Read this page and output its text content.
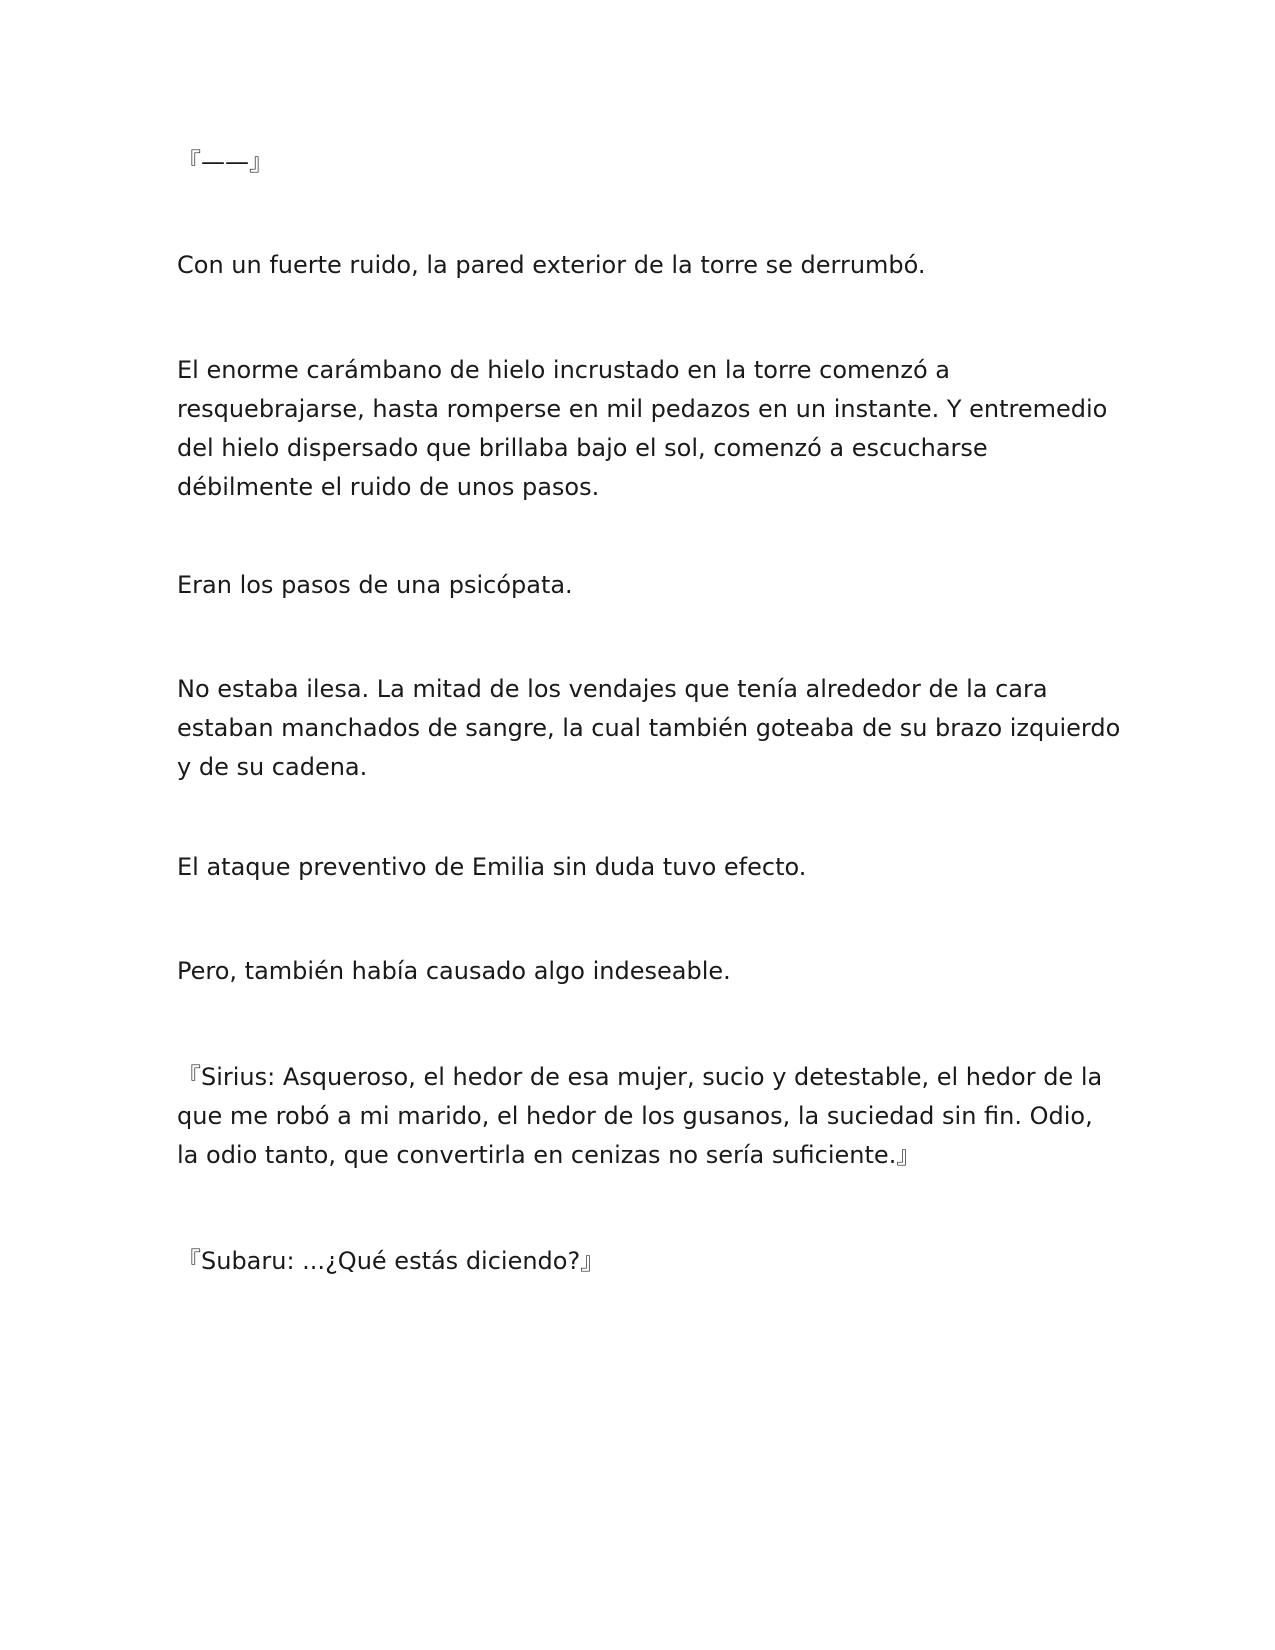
『——』

Con un fuerte ruido, la pared exterior de la torre se derrumbó.

El enorme carámbano de hielo incrustado en la torre comenzó a
resquebrajarse, hasta romperse en mil pedazos en un instante. Y entremedio
del hielo dispersado que brillaba bajo el sol, comenzó a escucharse
débilmente el ruido de unos pasos.

Eran los pasos de una psicópata.

No estaba ilesa. La mitad de los vendajes que tenía alrededor de la cara
estaban manchados de sangre, la cual también goteaba de su brazo izquierdo
y de su cadena.

El ataque preventivo de Emilia sin duda tuvo efecto.

Pero, también había causado algo indeseable.

『Sirius: Asqueroso, el hedor de esa mujer, sucio y detestable, el hedor de la
que me robó a mi marido, el hedor de los gusanos, la suciedad sin fin. Odio,
la odio tanto, que convertirla en cenizas no sería suficiente.』

『Subaru: ...¿Qué estás diciendo?』
